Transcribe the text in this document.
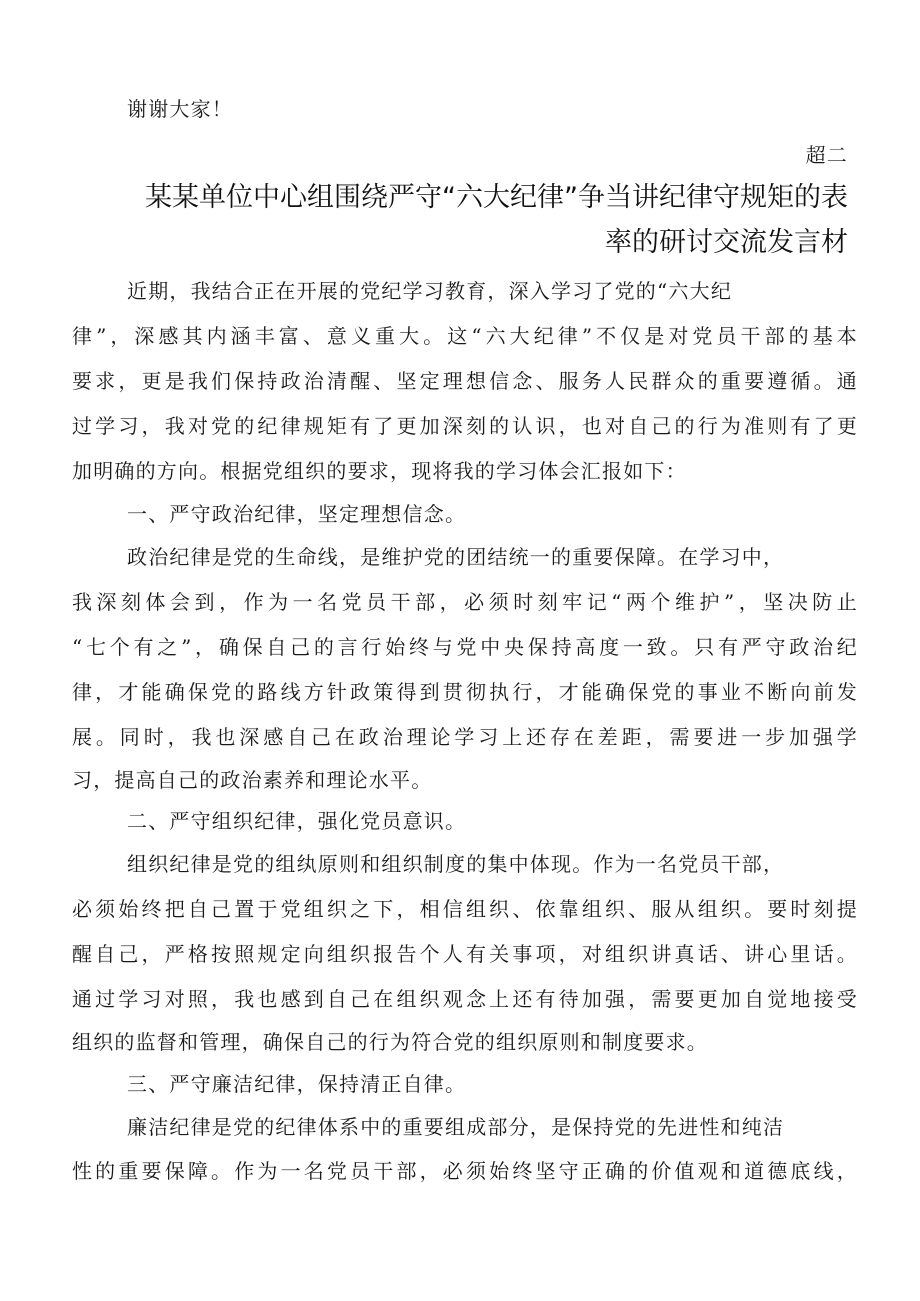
谢谢大家！
超二
某某单位中心组围绕严守“六大纪律”争当讲纪律守规矩的表
率的研讨交流发言材
近期，我结合正在开展的党纪学习教育，深入学习了党的“六大纪
律”，深感其内涵丰富、意义重大。这“六大纪律”不仅是对党员干部的基本
要求，更是我们保持政治清醒、坚定理想信念、服务人民群众的重要遵循。通
过学习，我对党的纪律规矩有了更加深刻的认识，也对自己的行为准则有了更
加明确的方向。根据党组织的要求，现将我的学习体会汇报如下：
一、严守政治纪律，坚定理想信念。
政治纪律是党的生命线，是维护党的团结统一的重要保障。在学习中，
我深刻体会到，作为一名党员干部，必须时刻牢记“两个维护”，坚决防止
“七个有之”，确保自己的言行始终与党中央保持高度一致。只有严守政治纪
律，才能确保党的路线方针政策得到贯彻执行，才能确保党的事业不断向前发
展。同时，我也深感自己在政治理论学习上还存在差距，需要进一步加强学
习，提高自己的政治素养和理论水平。
二、严守组织纪律，强化党员意识。
组织纪律是党的组纨原则和组织制度的集中体现。作为一名党员干部，
必须始终把自己置于党组织之下，相信组织、依靠组织、服从组织。要时刻提
醒自己，严格按照规定向组织报告个人有关事项，对组织讲真话、讲心里话。
通过学习对照，我也感到自己在组织观念上还有待加强，需要更加自觉地接受
组织的监督和管理，确保自己的行为符合党的组织原则和制度要求。
三、严守廉洁纪律，保持清正自律。
廉洁纪律是党的纪律体系中的重要组成部分，是保持党的先进性和纯洁
性的重要保障。作为一名党员干部，必须始终坚守正确的价值观和道德底线，
